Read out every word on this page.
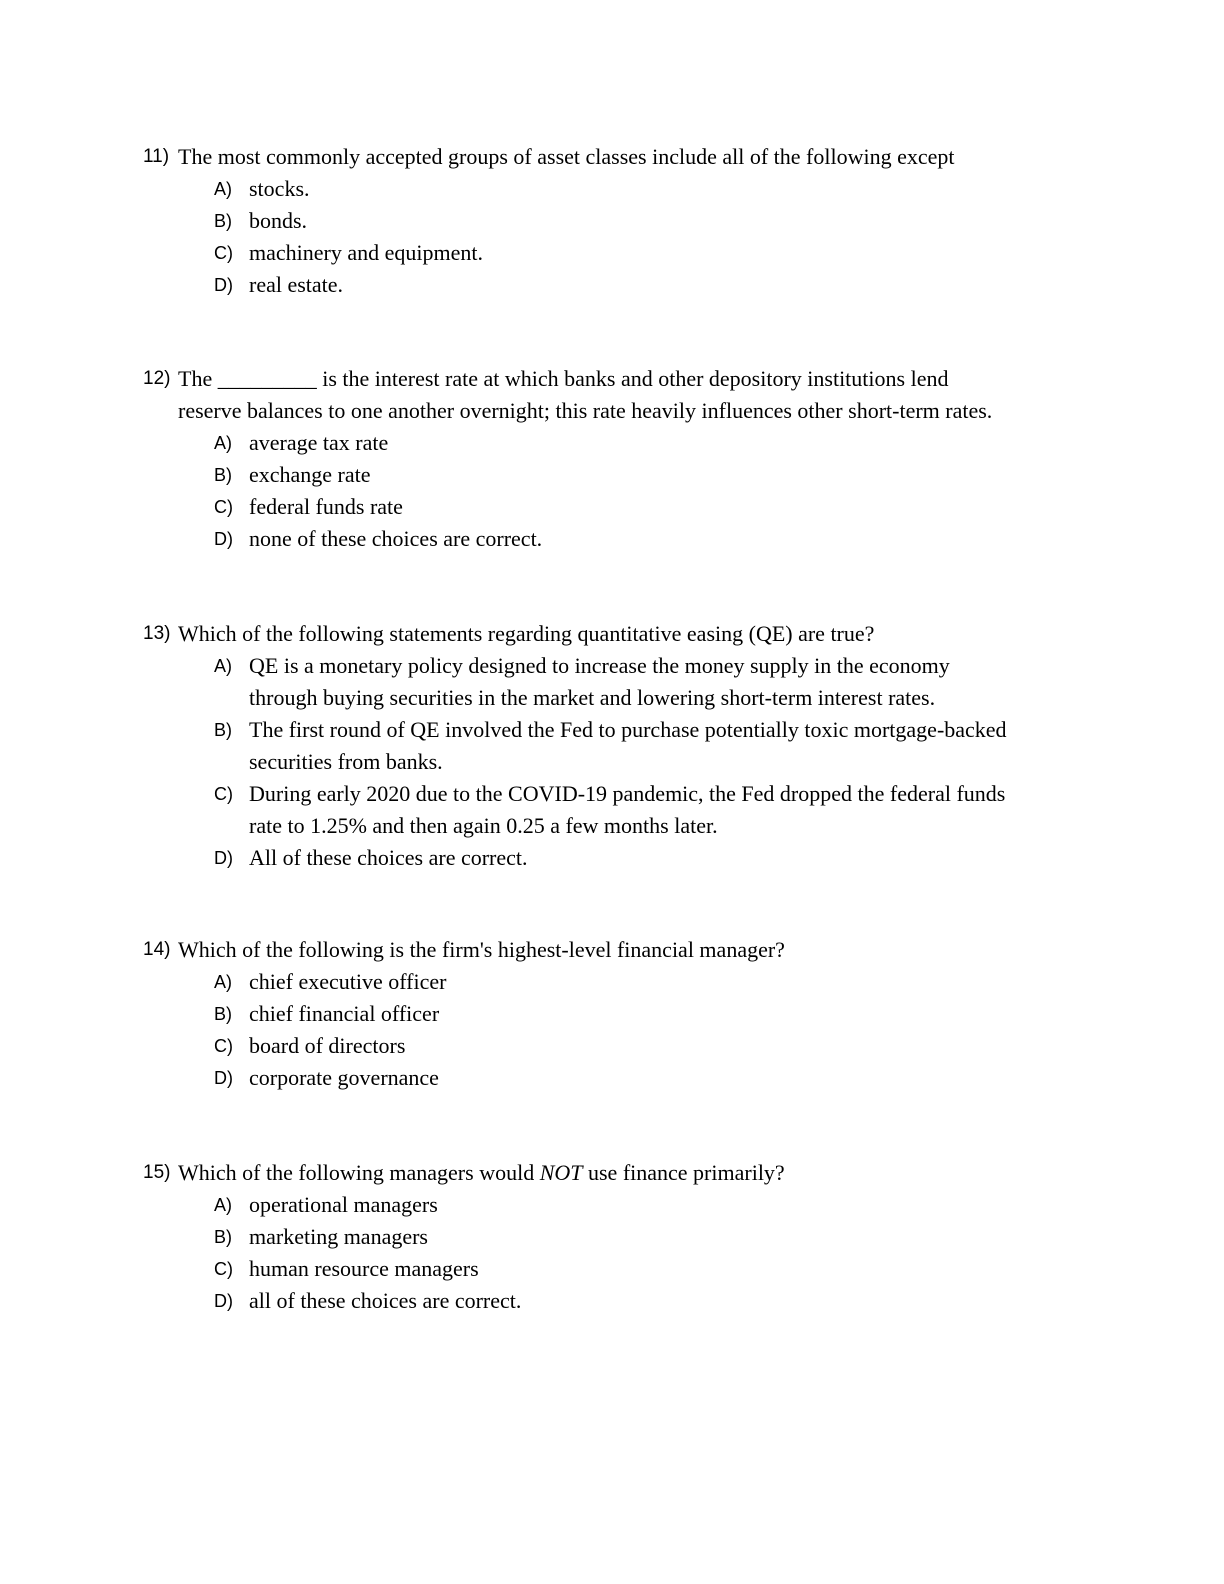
11) The most commonly accepted groups of asset classes include all of the following except
A) stocks.
B) bonds.
C) machinery and equipment.
D) real estate.
12) The _________ is the interest rate at which banks and other depository institutions lend
reserve balances to one another overnight; this rate heavily influences other short-term rates.
A) average tax rate
B) exchange rate
C) federal funds rate
D) none of these choices are correct.
13) Which of the following statements regarding quantitative easing (QE) are true?
A) QE is a monetary policy designed to increase the money supply in the economy
through buying securities in the market and lowering short-term interest rates.
B) The first round of QE involved the Fed to purchase potentially toxic mortgage-backed
securities from banks.
C) During early 2020 due to the COVID-19 pandemic, the Fed dropped the federal funds
rate to 1.25% and then again 0.25 a few months later.
D) All of these choices are correct.
14) Which of the following is the firm's highest-level financial manager?
A) chief executive officer
B) chief financial officer
C) board of directors
D) corporate governance
15) Which of the following managers would NOT use finance primarily?
A) operational managers
B) marketing managers
C) human resource managers
D) all of these choices are correct.
